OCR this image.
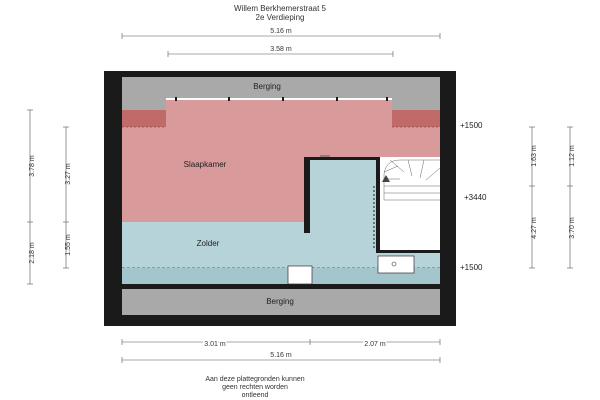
Willem Berkhemerstraat 5
2e Verdieping
5.16 m
3.58 m
Berging
Slaapkamer
Zolder
Berging
+1500
+3440
+1500
3.78 m
2.18 m
3.27 m
1.55 m
1.63 m
4.27 m
1.12 m
3.70 m
3.01 m	2.07 m
5.16 m
Aan deze plattegronden kunnen
geen rechten worden
ontleend
